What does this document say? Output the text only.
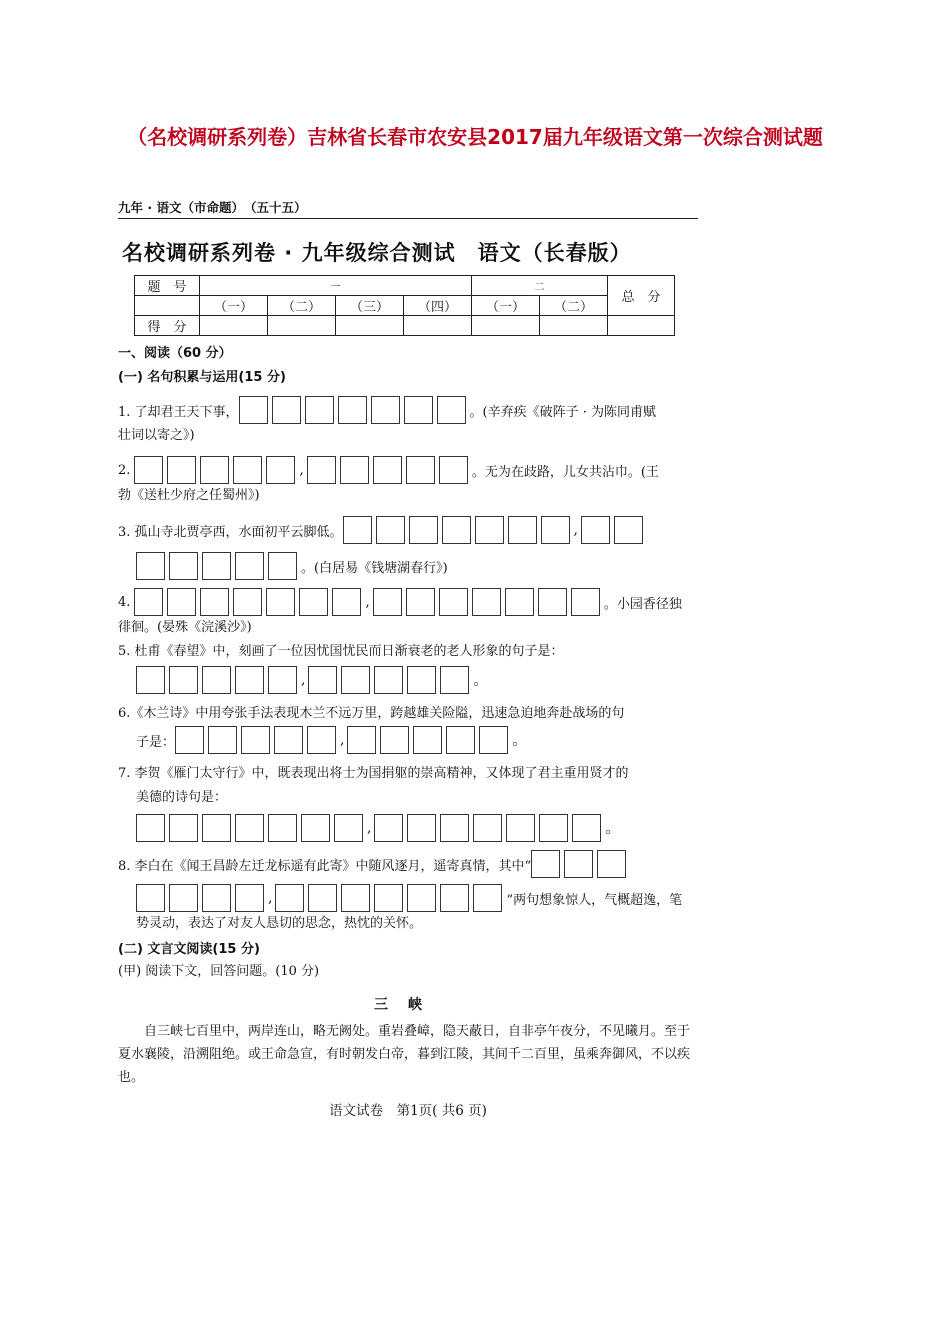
（名校调研系列卷）吉林省长春市农安县2017届九年级语文第一次综合测试题
九年 · 语文（市命题）　（五十五）
名校调研系列卷 · 九年级综合测试　语文（长春版）
题　号	一				二		总　分
	（一）	（二）	（三）	（四）	（一）	（二）	
得　分							
一、阅读（60 分）
(一) 名句积累与运用(15 分)
1. 了却君王天下事，	。(辛弃疾《破阵子 · 为陈同甫赋
壮词以寄之》)
2.	,	。无为在歧路，儿女共沾巾。(王
勃《送杜少府之任蜀州》)
3. 孤山寺北贾亭西，水面初平云脚低。	,
。(白居易《钱塘湖春行》)
4.	,	。小园香径独
徘徊。(晏殊《浣溪沙》)
5. 杜甫《春望》中，刻画了一位因忧国忧民而日渐衰老的老人形象的句子是：
,	。
6.《木兰诗》中用夸张手法表现木兰不远万里，跨越雄关险隘，迅速急迫地奔赴战场的句
子是：	,	。
7. 李贺《雁门太守行》中，既表现出将士为国捐躯的崇高精神，又体现了君主重用贤才的
美德的诗句是：
,	。
8. 李白在《闻王昌龄左迁龙标遥有此寄》中随风逐月，遥寄真情，其中“
,	”两句想象惊人，气概超逸，笔
势灵动，表达了对友人恳切的思念，热忱的关怀。
(二) 文言文阅读(15 分)
(甲) 阅读下文，回答问题。(10 分)
三峡
自三峡七百里中，两岸连山，略无阙处。重岩叠嶂，隐天蔽日，自非亭午夜分，不见曦月。至于夏水襄陵，沿溯阻绝。或王命急宣，有时朝发白帝，暮到江陵，其间千二百里，虽乘奔御风，不以疾也。
语文试卷　第1页( 共6 页)
